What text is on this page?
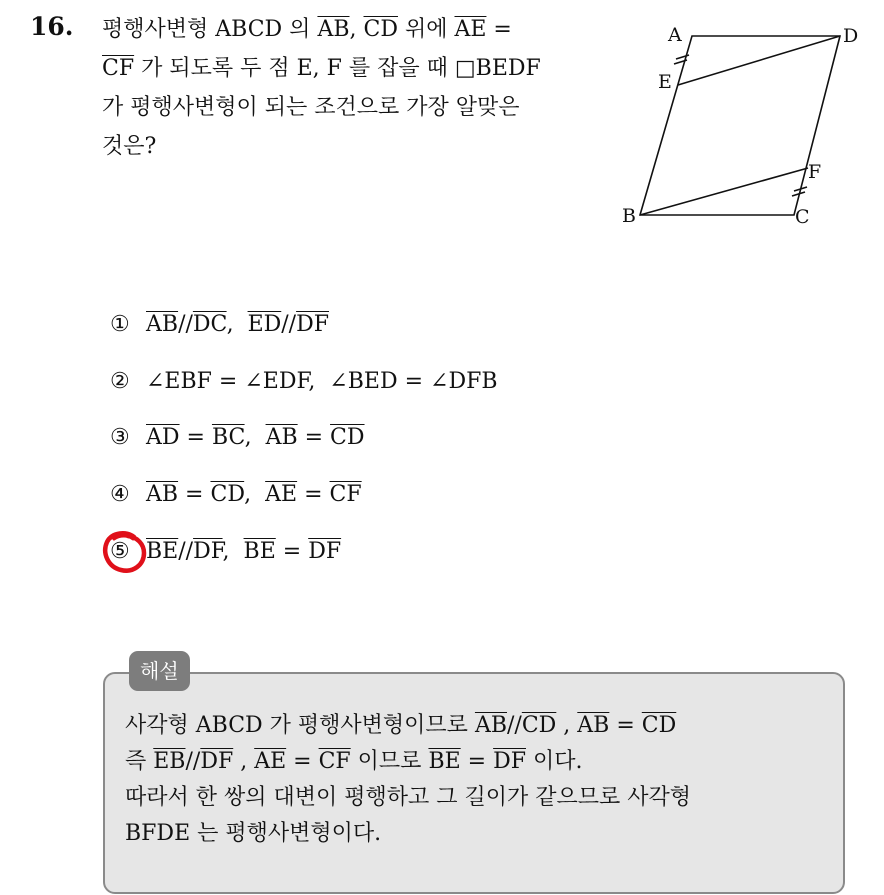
16. 평행사변형 ABCD 의 $\overline{AB}$, $\overline{CD}$ 위에 $\overline{AE}$ =
$\overline{CF}$ 가 되도록 두 점 E, F 를 잡을 때 □BEDF
가 평행사변형이 되는 조건으로 가장 알맞은
것은?
A	D
E
F
B	C
① $\overline{AB}//\overline{DC}$,  $\overline{ED}//\overline{DF}$
② ∠EBF = ∠EDF,  ∠BED = ∠DFB
③ $\overline{AD} = \overline{BC}$,  $\overline{AB} = \overline{CD}$
④ $\overline{AB} = \overline{CD}$,  $\overline{AE} = \overline{CF}$
⑤ $\overline{BE}//\overline{DF}$,  $\overline{BE} = \overline{DF}$
해설
사각형 ABCD 가 평행사변형이므로 $\overline{AB}//\overline{CD}$ , $\overline{AB} = \overline{CD}$
즉 $\overline{EB}//\overline{DF}$ , $\overline{AE} = \overline{CF}$ 이므로 $\overline{BE} = \overline{DF}$ 이다.
따라서 한 쌍의 대변이 평행하고 그 길이가 같으므로 사각형
BFDE 는 평행사변형이다.
